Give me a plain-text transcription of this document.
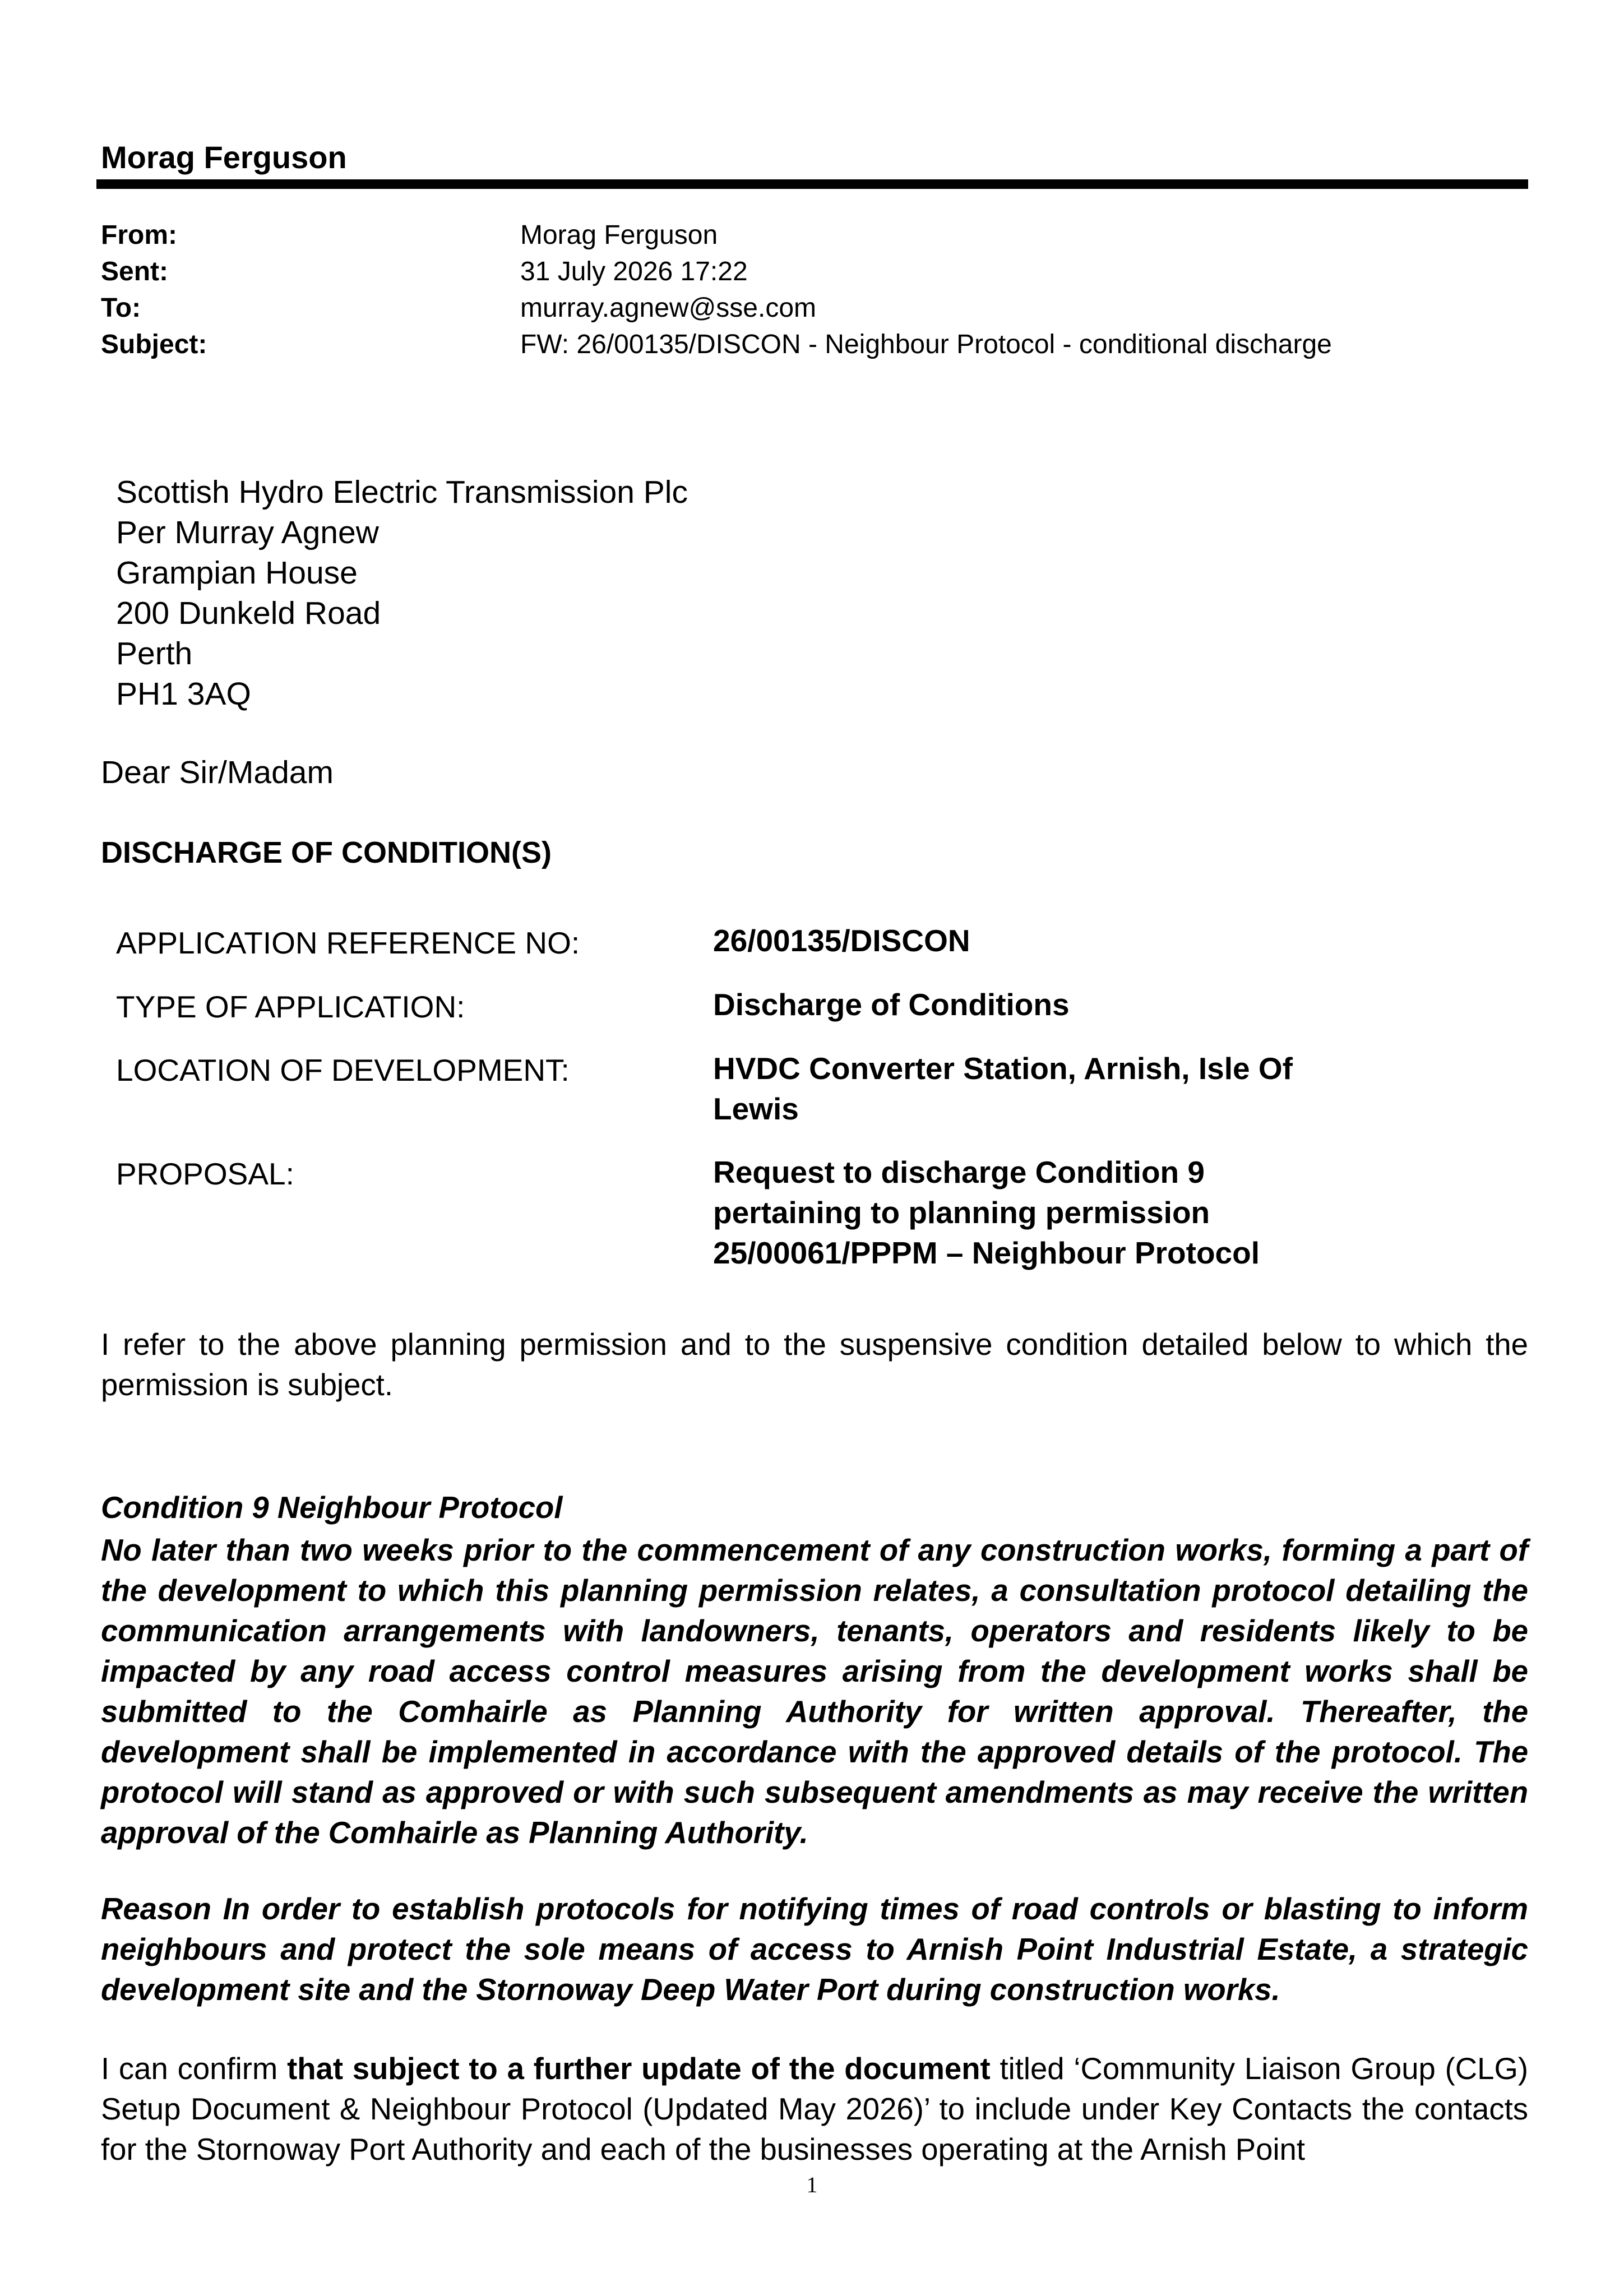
Morag Ferguson
From:	Morag Ferguson
Sent:	31 July 2026 17:22
To:	murray.agnew@sse.com
Subject:	FW: 26/00135/DISCON - Neighbour Protocol - conditional discharge
Scottish Hydro Electric Transmission Plc
Per Murray Agnew
Grampian House
200 Dunkeld Road
Perth
PH1 3AQ
Dear Sir/Madam
DISCHARGE OF CONDITION(S)
APPLICATION REFERENCE NO:	26/00135/DISCON
TYPE OF APPLICATION:	Discharge of Conditions
LOCATION OF DEVELOPMENT:	HVDC Converter Station, Arnish, Isle Of Lewis
PROPOSAL:	Request to discharge Condition 9 pertaining to planning permission 25/00061/PPPM – Neighbour Protocol
I refer to the above planning permission and to the suspensive condition detailed below to which the permission is subject.
Condition 9 Neighbour Protocol
No later than two weeks prior to the commencement of any construction works, forming a part of the development to which this planning permission relates, a consultation protocol detailing the communication arrangements with landowners, tenants, operators and residents likely to be impacted by any road access control measures arising from the development works shall be submitted to the Comhairle as Planning Authority for written approval. Thereafter, the development shall be implemented in accordance with the approved details of the protocol. The protocol will stand as approved or with such subsequent amendments as may receive the written approval of the Comhairle as Planning Authority.
Reason In order to establish protocols for notifying times of road controls or blasting to inform neighbours and protect the sole means of access to Arnish Point Industrial Estate, a strategic development site and the Stornoway Deep Water Port during construction works.
I can confirm that subject to a further update of the document titled ‘Community Liaison Group (CLG) Setup Document & Neighbour Protocol (Updated May 2026)’ to include under Key Contacts the contacts for the Stornoway Port Authority and each of the businesses operating at the Arnish Point
1
